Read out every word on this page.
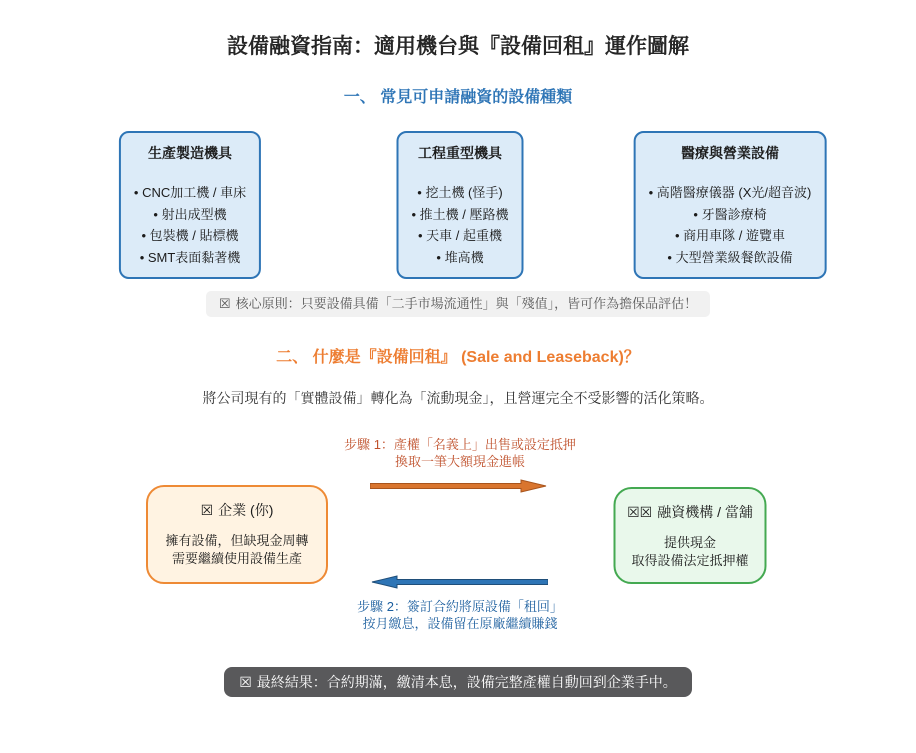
設備融資指南：適用機台與『設備回租』運作圖解
一、 常見可申請融資的設備種類
生產製造機具
• CNC加工機 / 車床
• 射出成型機
• 包裝機 / 貼標機
• SMT表面黏著機
工程重型機具
• 挖土機 (怪手)
• 推土機 / 壓路機
• 天車 / 起重機
• 堆高機
醫療與營業設備
• 高階醫療儀器 (X光/超音波)
• 牙醫診療椅
• 商用車隊 / 遊覽車
• 大型營業級餐飲設備
☒ 核心原則：只要設備具備「二手市場流通性」與「殘值」，皆可作為擔保品評估！
二、 什麼是『設備回租』 (Sale and Leaseback)？
將公司現有的「實體設備」轉化為「流動現金」，且營運完全不受影響的活化策略。
步驟 1：產權「名義上」出售或設定抵押
換取一筆大額現金進帳
☒ 企業 (你)
擁有設備，但缺現金周轉
需要繼續使用設備生產
☒☒ 融資機構 / 當舖
提供現金
取得設備法定抵押權
步驟 2：簽訂合約將原設備「租回」
按月繳息，設備留在原廠繼續賺錢
☒ 最終結果：合約期滿，繳清本息，設備完整產權自動回到企業手中。
